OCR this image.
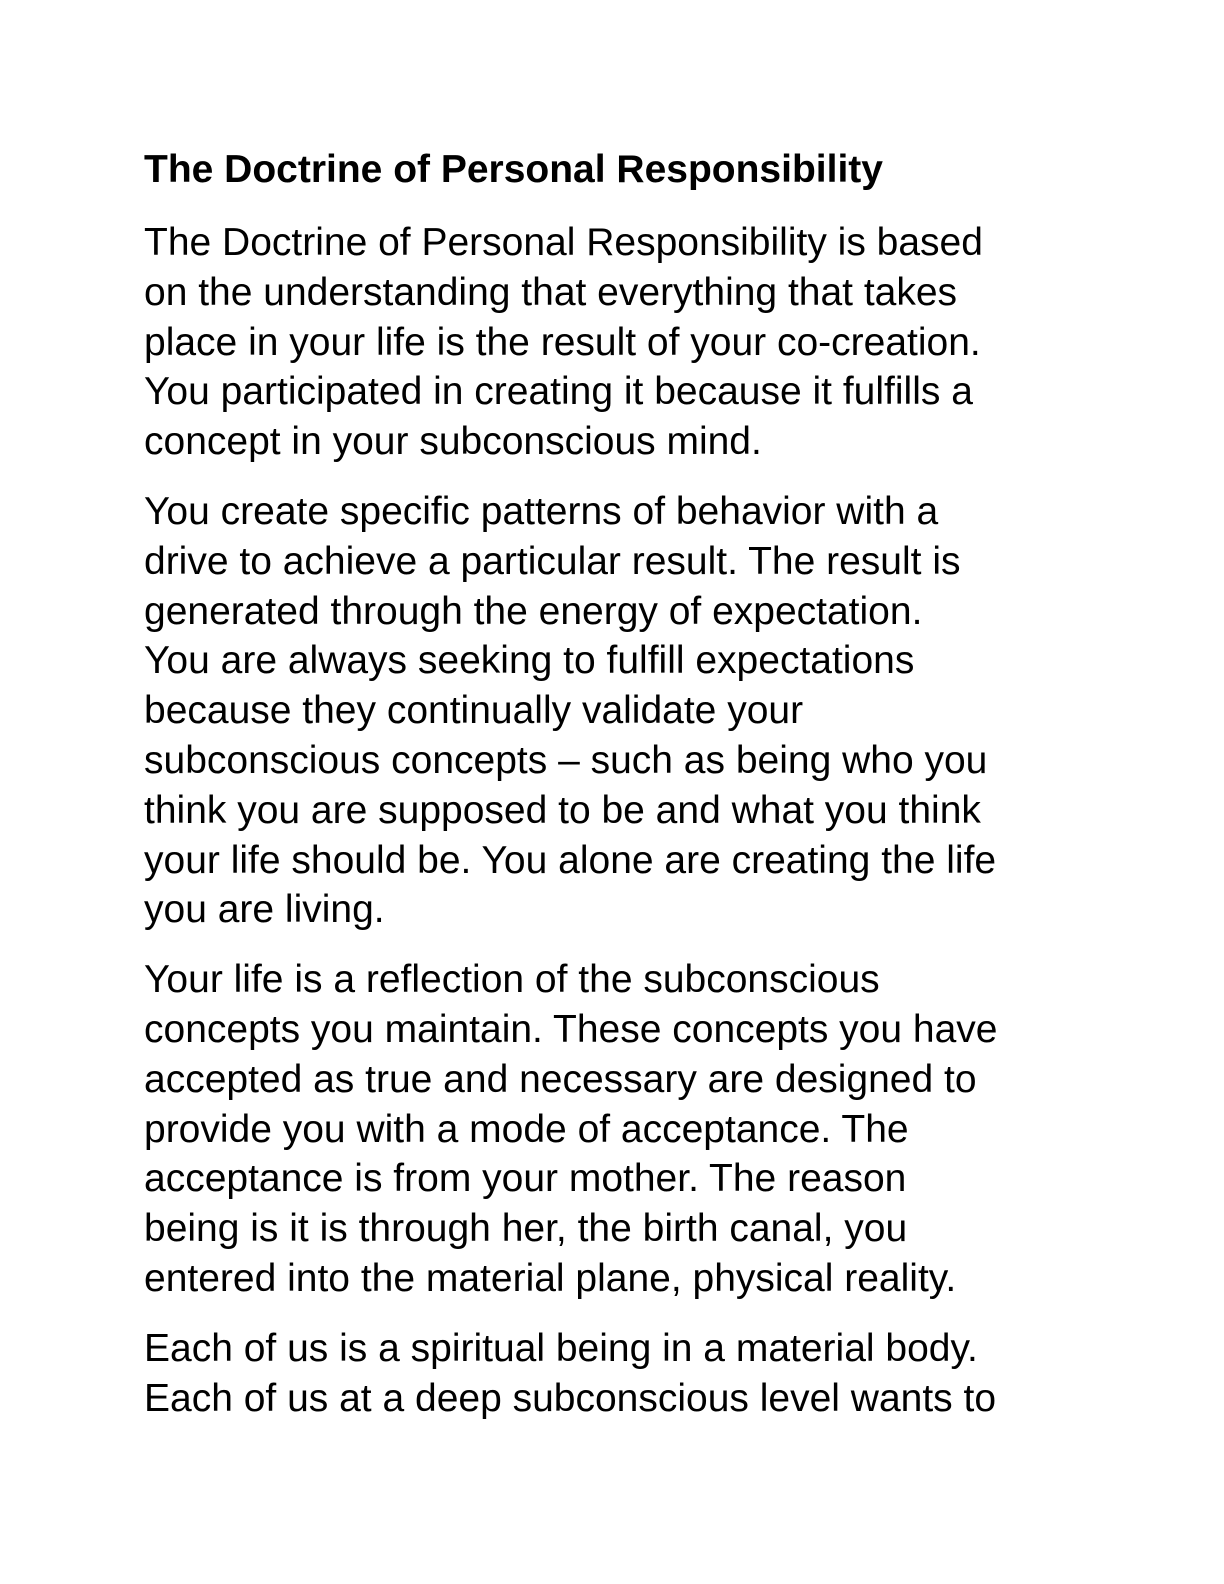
The Doctrine of Personal Responsibility

The Doctrine of Personal Responsibility is based
on the understanding that everything that takes
place in your life is the result of your co-creation.
You participated in creating it because it fulfills a
concept in your subconscious mind.

You create specific patterns of behavior with a
drive to achieve a particular result. The result is
generated through the energy of expectation.
You are always seeking to fulfill expectations
because they continually validate your
subconscious concepts – such as being who you
think you are supposed to be and what you think
your life should be. You alone are creating the life
you are living.

Your life is a reflection of the subconscious
concepts you maintain. These concepts you have
accepted as true and necessary are designed to
provide you with a mode of acceptance. The
acceptance is from your mother. The reason
being is it is through her, the birth canal, you
entered into the material plane, physical reality.

Each of us is a spiritual being in a material body.
Each of us at a deep subconscious level wants to
